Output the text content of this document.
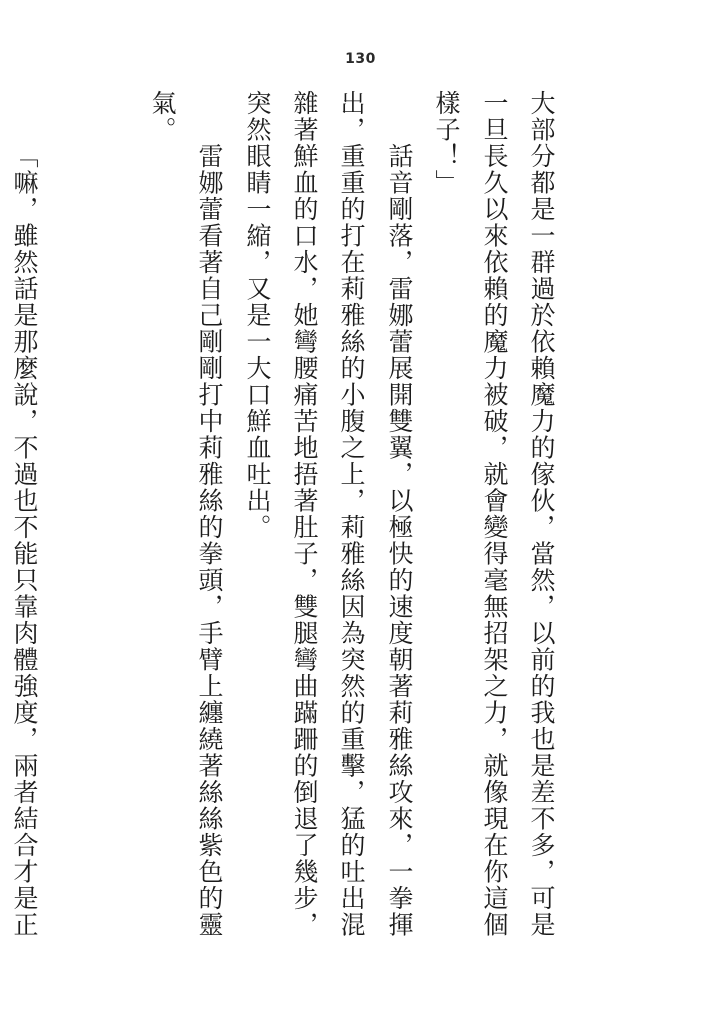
130
大部分都是一群過於依賴魔力的傢伙，當然，以前的我也是差不多，可是
一旦長久以來依賴的魔力被破，就會變得毫無招架之力，就像現在你這個
樣子！」
話音剛落，雷娜蕾展開雙翼，以極快的速度朝著莉雅絲攻來，一拳揮
出，重重的打在莉雅絲的小腹之上，莉雅絲因為突然的重擊，猛的吐出混
雜著鮮血的口水，她彎腰痛苦地捂著肚子，雙腿彎曲蹣跚的倒退了幾步，
突然眼睛一縮，又是一大口鮮血吐出。
雷娜蕾看著自己剛剛打中莉雅絲的拳頭，手臂上纏繞著絲絲紫色的靈
氣。
「嘛，雖然話是那麼說，不過也不能只靠肉體強度，兩者結合才是正
